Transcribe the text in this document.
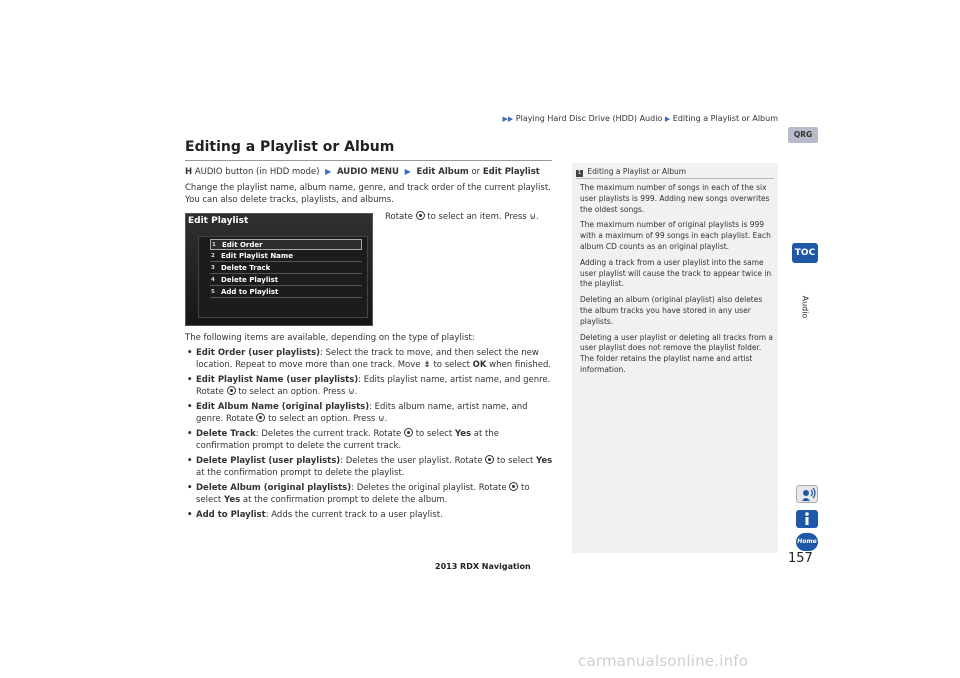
▶▶ Playing Hard Disc Drive (HDD) Audio ▶ Editing a Playlist or Album
Editing a Playlist or Album
H AUDIO button (in HDD mode) ▶ AUDIO MENU ▶ Edit Album or Edit Playlist
Change the playlist name, album name, genre, and track order of the current playlist. You can also delete tracks, playlists, and albums.
Rotate to select an item. Press ⊍.
Edit Playlist
1 Edit Order
2 Edit Playlist Name
3 Delete Track
4 Delete Playlist
5 Add to Playlist
The following items are available, depending on the type of playlist:
• Edit Order (user playlists): Select the track to move, and then select the new location. Repeat to move more than one track. Move ⇟ to select OK when finished.
• Edit Playlist Name (user playlists): Edits playlist name, artist name, and genre. Rotate  to select an option. Press ⊍.
• Edit Album Name (original playlists): Edits album name, artist name, and genre. Rotate  to select an option. Press ⊍.
• Delete Track: Deletes the current track. Rotate  to select Yes at the confirmation prompt to delete the current track.
• Delete Playlist (user playlists): Deletes the user playlist. Rotate  to select Yes at the confirmation prompt to delete the playlist.
• Delete Album (original playlists): Deletes the original playlist. Rotate  to select Yes at the confirmation prompt to delete the album.
• Add to Playlist: Adds the current track to a user playlist.
1 Editing a Playlist or Album

The maximum number of songs in each of the six user playlists is 999. Adding new songs overwrites the oldest songs.

The maximum number of original playlists is 999 with a maximum of 99 songs in each playlist. Each album CD counts as an original playlist.

Adding a track from a user playlist into the same user playlist will cause the track to appear twice in the playlist.

Deleting an album (original playlist) also deletes the album tracks you have stored in any user playlists.

Deleting a user playlist or deleting all tracks from a user playlist does not remove the playlist folder. The folder retains the playlist name and artist information.

QRG
TOC
Audio
Home
157
2013 RDX Navigation
carmanualsonline.info
